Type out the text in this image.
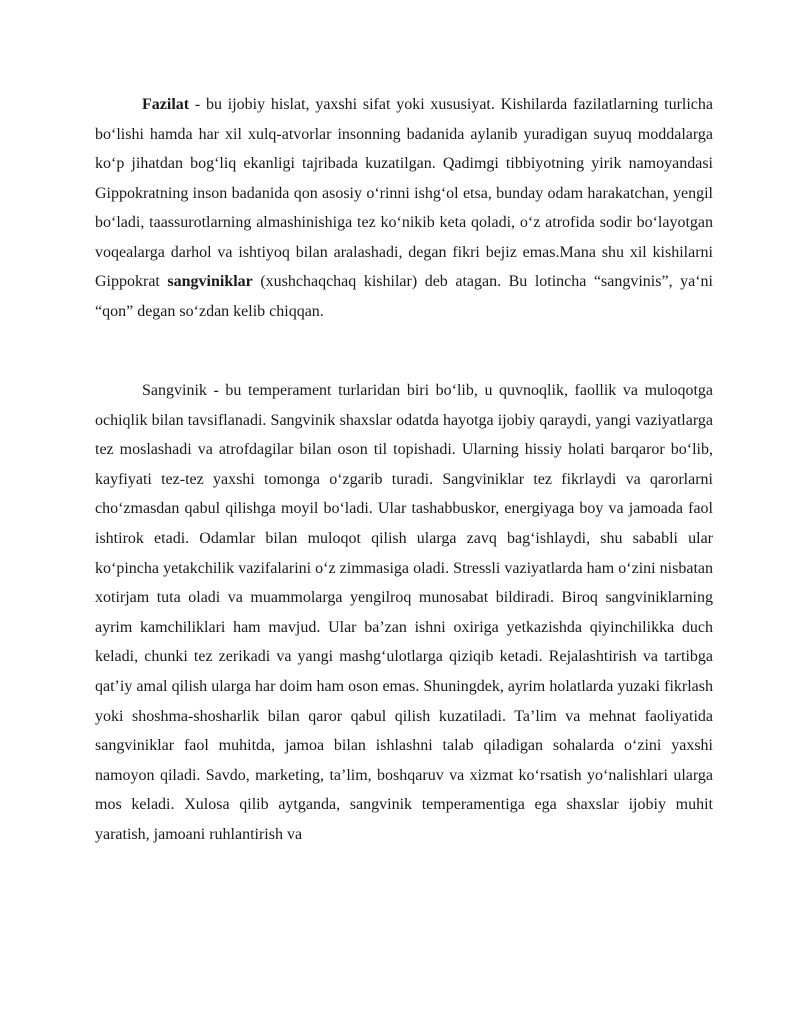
Fazilat - bu ijobiy hislat, yaxshi sifat yoki xususiyat. Kishilarda fazilatlarning turlicha bo‘lishi hamda har xil xulq-atvorlar insonning badanida aylanib yuradigan suyuq moddalarga ko‘p jihatdan bog‘liq ekanligi tajribada kuzatilgan. Qadimgi tibbiyotning yirik namoyandasi Gippokratning inson badanida qon asosiy o‘rinni ishg‘ol etsa, bunday odam harakatchan, yengil bo‘ladi, taassurotlarning almashinishiga tez ko‘nikib keta qoladi, o‘z atrofida sodir bo‘layotgan voqealarga darhol va ishtiyoq bilan aralashadi, degan fikri bejiz emas.Mana shu xil kishilarni Gippokrat sangviniklar (xushchaqchaq kishilar) deb atagan. Bu lotincha “sangvinis”, ya‘ni “qon” degan so‘zdan kelib chiqqan.

Sangvinik - bu temperament turlaridan biri bo‘lib, u quvnoqlik, faollik va muloqotga ochiqlik bilan tavsiflanadi. Sangvinik shaxslar odatda hayotga ijobiy qaraydi, yangi vaziyatlarga tez moslashadi va atrofdagilar bilan oson til topishadi. Ularning hissiy holati barqaror bo‘lib, kayfiyati tez-tez yaxshi tomonga o‘zgarib turadi. Sangviniklar tez fikrlaydi va qarorlarni cho‘zmasdan qabul qilishga moyil bo‘ladi. Ular tashabbuskor, energiyaga boy va jamoada faol ishtirok etadi. Odamlar bilan muloqot qilish ularga zavq bag‘ishlaydi, shu sababli ular ko‘pincha yetakchilik vazifalarini o‘z zimmasiga oladi. Stressli vaziyatlarda ham o‘zini nisbatan xotirjam tuta oladi va muammolarga yengilroq munosabat bildiradi. Biroq sangviniklarning ayrim kamchiliklari ham mavjud. Ular ba’zan ishni oxiriga yetkazishda qiyinchilikka duch keladi, chunki tez zerikadi va yangi mashg‘ulotlarga qiziqib ketadi. Rejalashtirish va tartibga qat’iy amal qilish ularga har doim ham oson emas. Shuningdek, ayrim holatlarda yuzaki fikrlash yoki shoshma-shosharlik bilan qaror qabul qilish kuzatiladi. Ta’lim va mehnat faoliyatida sangviniklar faol muhitda, jamoa bilan ishlashni talab qiladigan sohalarda o‘zini yaxshi namoyon qiladi. Savdo, marketing, ta’lim, boshqaruv va xizmat ko‘rsatish yo‘nalishlari ularga mos keladi. Xulosa qilib aytganda, sangvinik temperamentiga ega shaxslar ijobiy muhit yaratish, jamoani ruhlantirish va
